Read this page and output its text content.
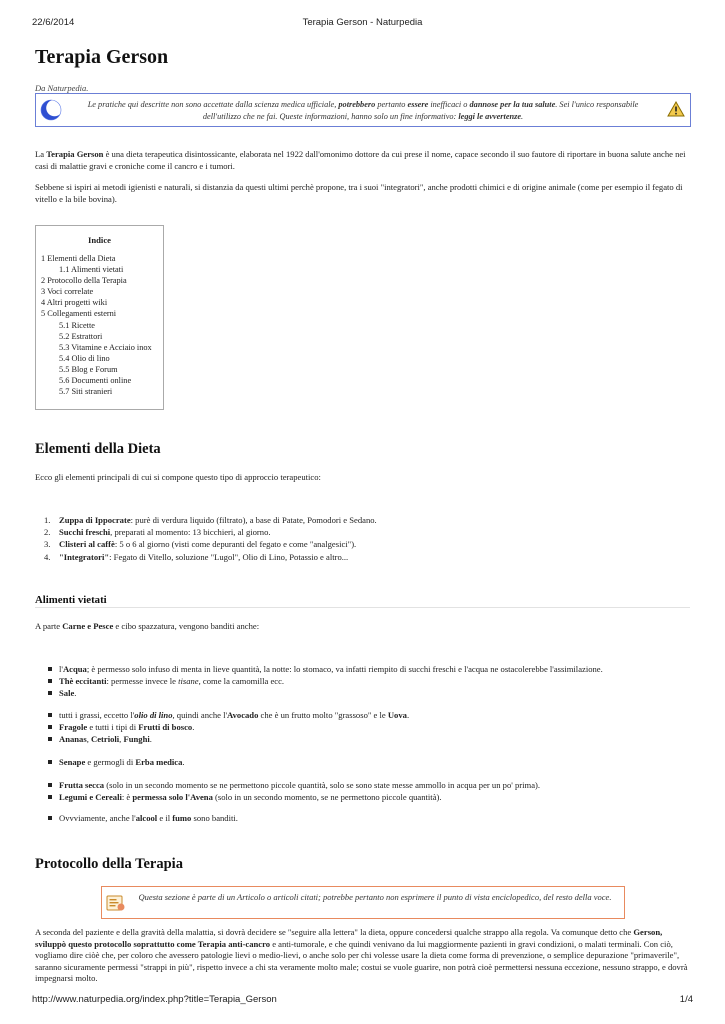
22/6/2014	Terapia Gerson - Naturpedia
Terapia Gerson
Da Naturpedia.
Le pratiche qui descritte non sono accettate dalla scienza medica ufficiale, potrebbero pertanto essere inefficaci o dannose per la tua salute. Sei l'unico responsabile dell'utilizzo che ne fai. Queste informazioni, hanno solo un fine informativo: leggi le avvertenze.

La Terapia Gerson è una dieta terapeutica disintossicante, elaborata nel 1922 dall'omonimo dottore da cui prese il nome, capace secondo il suo fautore di riportare in buona salute anche nei casi di malattie gravi e croniche come il cancro e i tumori.

Sebbene si ispiri ai metodi igienisti e naturali, si distanzia da questi ultimi perchè propone, tra i suoi "integratori", anche prodotti chimici e di origine animale (come per esempio il fegato di vitello e la bile bovina).

Indice
1 Elementi della Dieta
1.1 Alimenti vietati
2 Protocollo della Terapia
3 Voci correlate
4 Altri progetti wiki
5 Collegamenti esterni
5.1 Ricette
5.2 Estrattori
5.3 Vitamine e Acciaio inox
5.4 Olio di lino
5.5 Blog e Forum
5.6 Documenti online
5.7 Siti stranieri
Elementi della Dieta

Ecco gli elementi principali di cui si compone questo tipo di approccio terapeutico:

1. Zuppa di Ippocrate: purè di verdura liquido (filtrato), a base di Patate, Pomodori e Sedano.
2. Succhi freschi, preparati al momento: 13 bicchieri, al giorno.
3. Clisteri al caffè: 5 o 6 al giorno (visti come depuranti del fegato e come "analgesici").
4. "Integratori": Fegato di Vitello, soluzione "Lugol", Olio di Lino, Potassio e altro...
Alimenti vietati

A parte Carne e Pesce e cibo spazzatura, vengono banditi anche:

l'Acqua; è permesso solo infuso di menta in lieve quantità, la notte: lo stomaco, va infatti riempito di succhi freschi e l'acqua ne ostacolerebbe l'assimilazione.
Thè eccitanti: permesse invece le tisane, come la camomilla ecc.
Sale.
tutti i grassi, eccetto l'olio di lino, quindi anche l'Avocado che è un frutto molto "grassoso" e le Uova.
Fragole e tutti i tipi di Frutti di bosco.
Ananas, Cetrioli, Funghi.
Senape e germogli di Erba medica.
Frutta secca (solo in un secondo momento se ne permettono piccole quantità, solo se sono state messe ammollo in acqua per un po' prima).
Legumi e Cereali: è permessa solo l'Avena (solo in un secondo momento, se ne permettono piccole quantità).
Ovvviamente, anche l'alcool e il fumo sono banditi.
Protocollo della Terapia
Questa sezione è parte di un Articolo o articoli citati; potrebbe pertanto non esprimere il punto di vista enciclopedico, del resto della voce.

A seconda del paziente e della gravità della malattia, si dovrà decidere se "seguire alla lettera" la dieta, oppure concedersi qualche strappo alla regola. Va comunque detto che Gerson, sviluppò questo protocollo soprattutto come Terapia anti-cancro e anti-tumorale, e che quindi venivano da lui maggiormente pazienti in gravi condizioni, o malati terminali. Con ciò, vogliamo dire ciòè che, per coloro che avessero patologie lievi o medio-lievi, o anche solo per chi volesse usare la dieta come forma di prevenzione, o semplice depurazione "primaverile", saranno sicuramente permessi "strappi in più", rispetto invece a chi sta veramente molto male; costui se vuole guarire, non potrà cioè permettersi nessuna eccezione, nessuno strappo, e dovrà impegnarsi molto.

http://www.naturpedia.org/index.php?title=Terapia_Gerson	1/4
